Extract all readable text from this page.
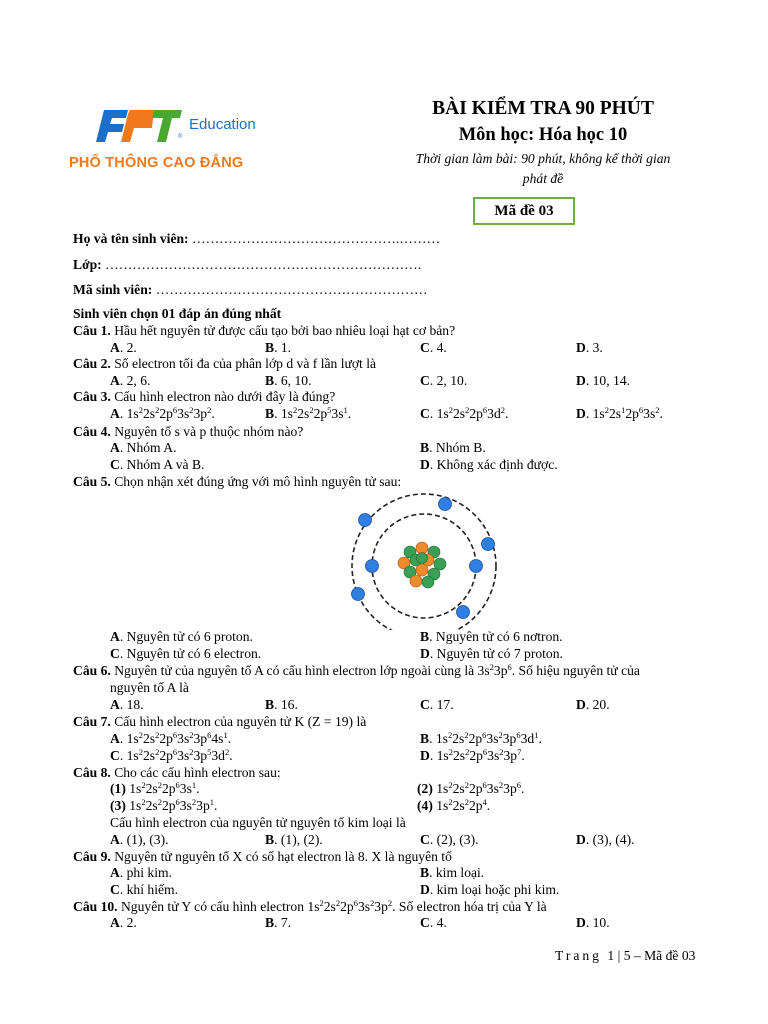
FPT
Education
®
PHỔ THÔNG CAO ĐẲNG
BÀI KIỂM TRA 90 PHÚT
Môn học: Hóa học 10
Thời gian làm bài: 90 phút, không kể thời gian
phát đề
Mã đề 03
Họ và tên sinh viên: ……………………………………….………
Lớp: …………………………………………………………….
Mã sinh viên: ……………………………………………………
Sinh viên chọn 01 đáp án đúng nhất
Câu 1. Hầu hết nguyên tử được cấu tạo bởi bao nhiêu loại hạt cơ bản?
A. 2.	B. 1.	C. 4.	D. 3.
Câu 2. Số electron tối đa của phân lớp d và f lần lượt là
A. 2, 6.	B. 6, 10.	C. 2, 10.	D. 10, 14.
Câu 3. Cấu hình electron nào dưới đây là đúng?
A. $1s^22s^22p^63s^23p^2$.	B. $1s^22s^22p^53s^1$.	C. $1s^22s^22p^63d^2$.	D. $1s^22s^12p^63s^2$.
Câu 4. Nguyên tố s và p thuộc nhóm nào?
A. Nhóm A.	B. Nhóm B.
C. Nhóm A và B.	D. Không xác định được.
Câu 5. Chọn nhận xét đúng ứng với mô hình nguyên tử sau:
A. Nguyên tử có 6 proton.	B. Nguyên tử có 6 nơtron.
C. Nguyên tử có 6 electron.	D. Nguyên tử có 7 proton.
Câu 6. Nguyên tử của nguyên tố A có cấu hình electron lớp ngoài cùng là $3s^23p^6$. Số hiệu nguyên tử của
nguyên tố A là
A. 18.	B. 16.	C. 17.	D. 20.
Câu 7. Cấu hình electron của nguyên tử K (Z = 19) là
A. $1s^22s^22p^63s^23p^64s^1$.	B. $1s^22s^22p^63s^23p^63d^1$.
C. $1s^22s^22p^63s^23p^53d^2$.	D. $1s^22s^22p^63s^23p^7$.
Câu 8. Cho các cấu hình electron sau:
(1) $1s^22s^22p^63s^1$.	(2) $1s^22s^22p^63s^23p^6$.
(3) $1s^22s^22p^63s^23p^1$.	(4) $1s^22s^22p^4$.
Cấu hình electron của nguyên tử nguyên tố kim loại là
A. (1), (3).	B. (1), (2).	C. (2), (3).	D. (3), (4).
Câu 9. Nguyên tử nguyên tố X có số hạt electron là 8. X là nguyên tố
A. phi kim.	B. kim loại.
C. khí hiếm.	D. kim loại hoặc phi kim.
Câu 10. Nguyên tử Y có cấu hình electron $1s^22s^22p^63s^23p^2$. Số electron hóa trị của Y là
A. 2.	B. 7.	C. 4.	D. 10.
Trang 1 | 5 – Mã đề 03
